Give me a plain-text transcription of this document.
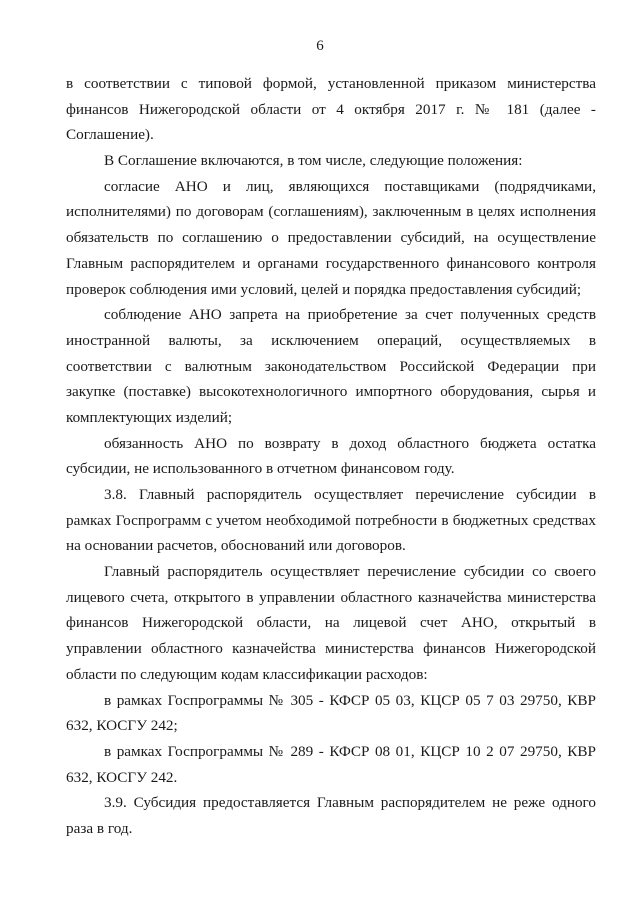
6
в соответствии с типовой формой, установленной приказом министерства
финансов Нижегородской области от 4 октября 2017 г. № 181 (далее -
Соглашение).
В Соглашение включаются, в том числе, следующие положения:
согласие АНО и лиц, являющихся поставщиками (подрядчиками,
исполнителями) по договорам (соглашениям), заключенным в целях исполнения
обязательств по соглашению о предоставлении субсидий, на осуществление
Главным распорядителем и органами государственного финансового контроля
проверок соблюдения ими условий, целей и порядка предоставления субсидий;
соблюдение АНО запрета на приобретение за счет полученных средств
иностранной валюты, за исключением операций, осуществляемых в
соответствии с валютным законодательством Российской Федерации при
закупке (поставке) высокотехнологичного импортного оборудования, сырья и
комплектующих изделий;
обязанность АНО по возврату в доход областного бюджета остатка
субсидии, не использованного в отчетном финансовом году.
3.8. Главный распорядитель осуществляет перечисление субсидии в
рамках Госпрограмм с учетом необходимой потребности в бюджетных средствах
на основании расчетов, обоснований или договоров.
Главный распорядитель осуществляет перечисление субсидии со своего
лицевого счета, открытого в управлении областного казначейства министерства
финансов Нижегородской области, на лицевой счет АНО, открытый в
управлении областного казначейства министерства финансов Нижегородской
области по следующим кодам классификации расходов:
в рамках Госпрограммы № 305 - КФСР 05 03, КЦСР 05 7 03 29750, КВР
632, КОСГУ 242;
в рамках Госпрограммы № 289 - КФСР 08 01, КЦСР 10 2 07 29750, КВР
632, КОСГУ 242.
3.9. Субсидия предоставляется Главным распорядителем не реже одного
раза в год.
